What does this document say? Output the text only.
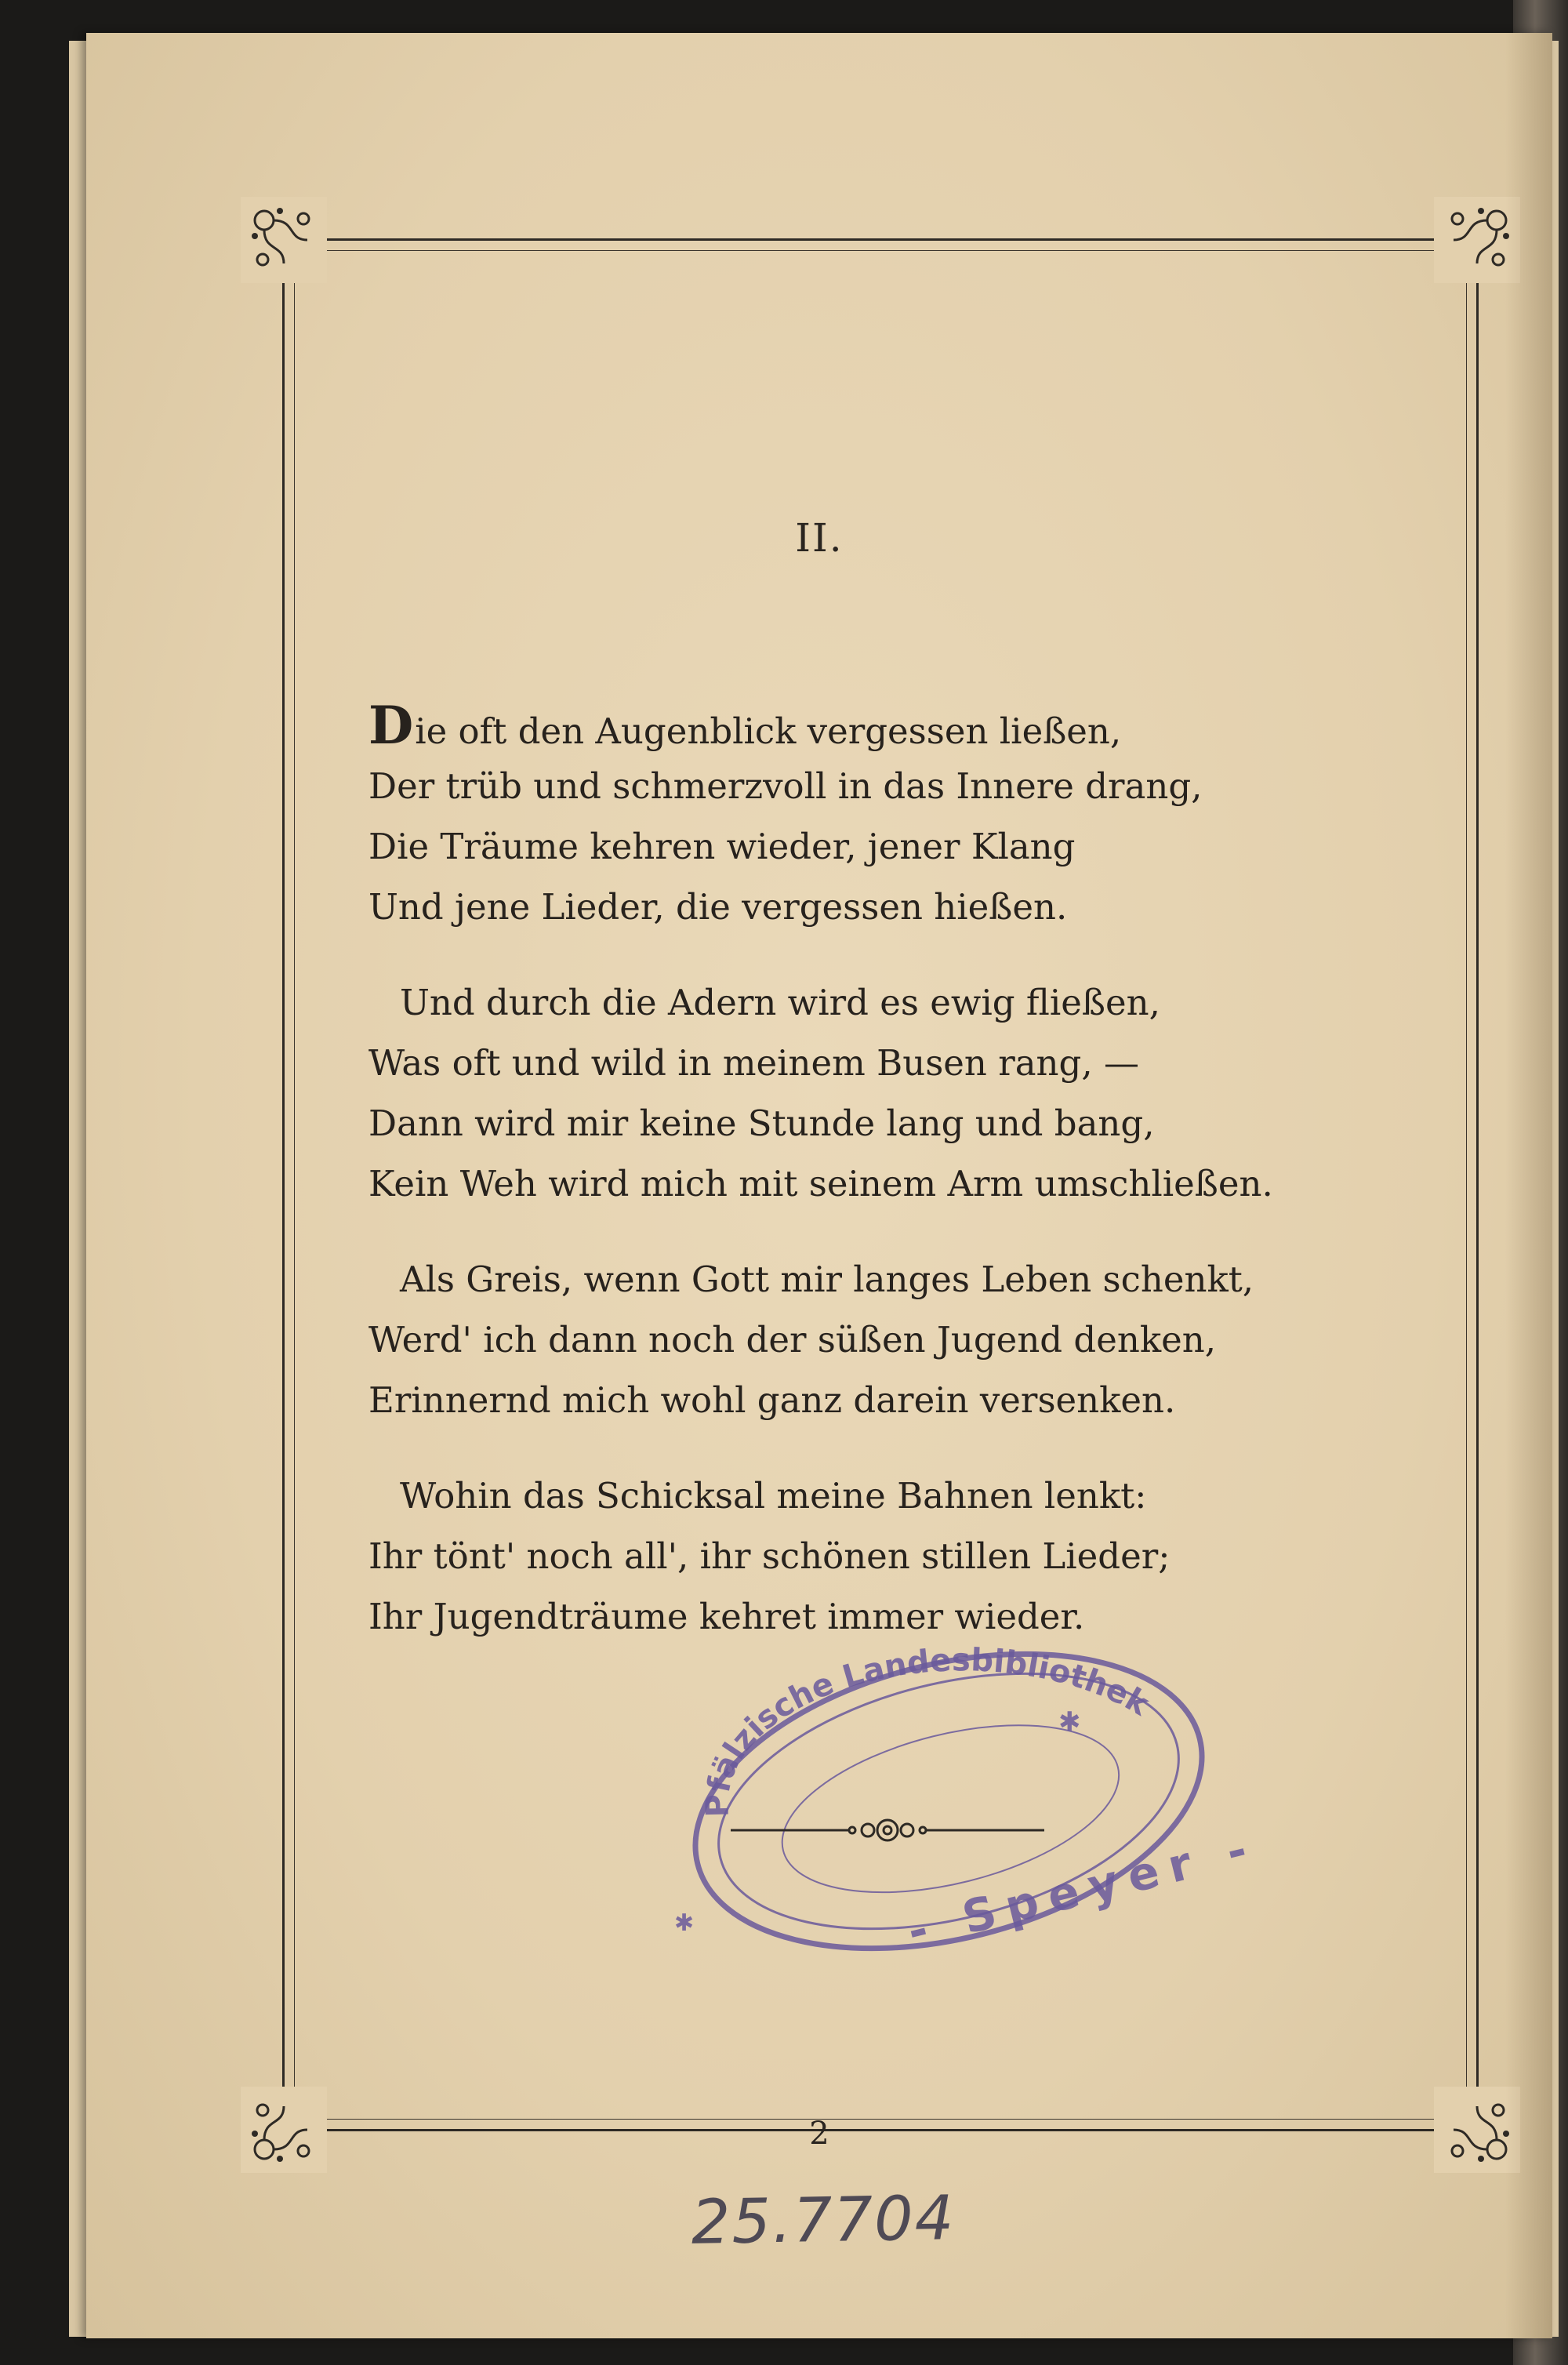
II.
Die oft den Augenblick vergessen ließen,
Der trüb und schmerzvoll in das Innere drang,
Die Träume kehren wieder, jener Klang
Und jene Lieder, die vergessen hießen.
Und durch die Adern wird es ewig fließen,
Was oft und wild in meinem Busen rang, —
Dann wird mir keine Stunde lang und bang,
Kein Weh wird mich mit seinem Arm umschließen.
Als Greis, wenn Gott mir langes Leben schenkt,
Werd' ich dann noch der süßen Jugend denken,
Erinnernd mich wohl ganz darein versenken.
Wohin das Schicksal meine Bahnen lenkt:
Ihr tönt' noch all', ihr schönen stillen Lieder;
Ihr Jugendträume kehret immer wieder.
Pfälzische Landesbibliothek
- Speyer -
✱
✱
2
25.7704
